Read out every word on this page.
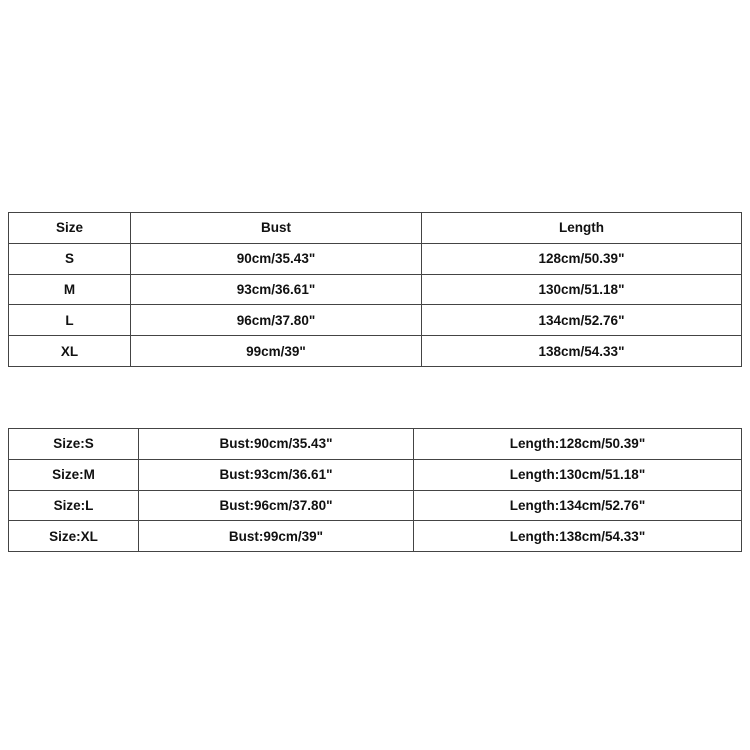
Size	Bust	Length
S	90cm/35.43"	128cm/50.39"
M	93cm/36.61"	130cm/51.18"
L	96cm/37.80"	134cm/52.76"
XL	99cm/39"	138cm/54.33"
Size:S	Bust:90cm/35.43"	Length:128cm/50.39"
Size:M	Bust:93cm/36.61"	Length:130cm/51.18"
Size:L	Bust:96cm/37.80"	Length:134cm/52.76"
Size:XL	Bust:99cm/39"	Length:138cm/54.33"
